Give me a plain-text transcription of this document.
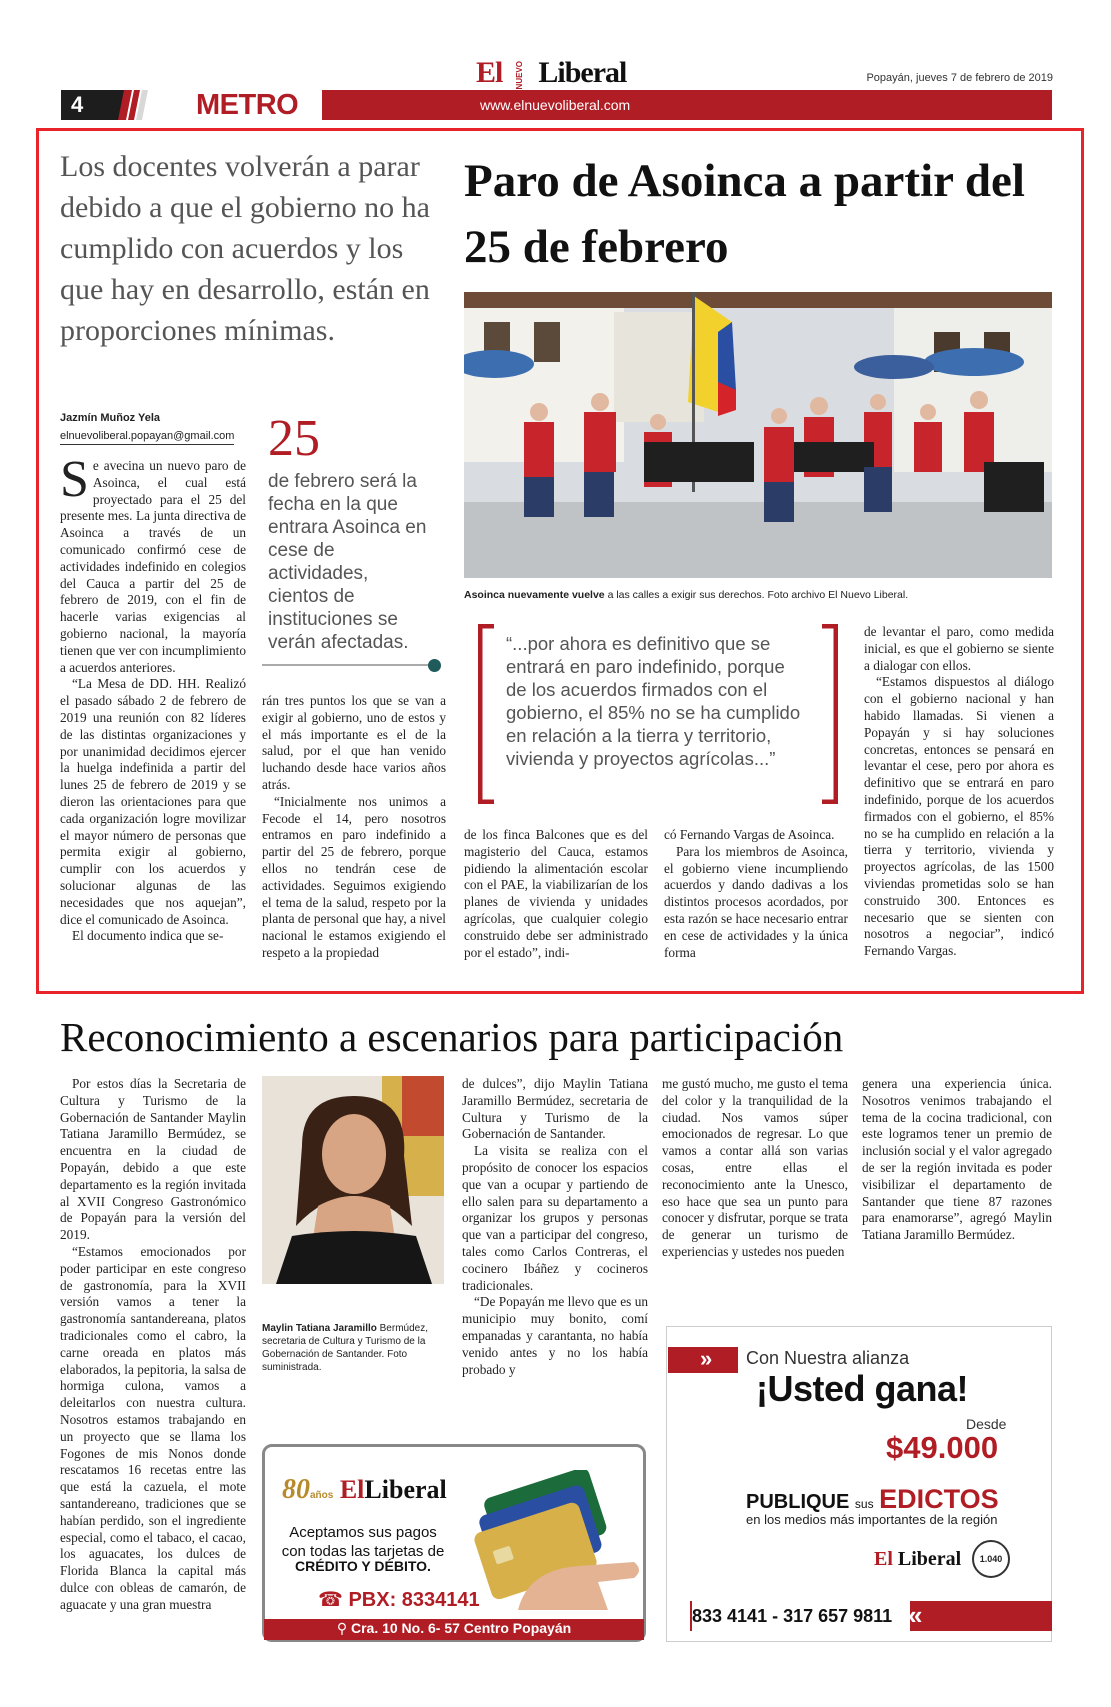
4	METRO	www.elnuevoliberal.com
El NUEVO Liberal	Popayán, jueves 7 de febrero de 2019
Los docentes volverán a parar debido a que el gobierno no ha cumplido con acuerdos y los que hay en desarrollo, están en proporciones mínimas.
Paro de Asoinca a partir del 25 de febrero
Asoinca nuevamente vuelve a las calles a exigir sus derechos. Foto archivo El Nuevo Liberal.
Jazmín Muñoz Yela
elnuevoliberal.popayan@gmail.com

Se avecina un nuevo paro de Asoinca, el cual está proyectado para el 25 del presente mes. La junta directiva de Asoinca a través de un comunicado confirmó cese de actividades indefinido en colegios del Cauca a partir del 25 de febrero de 2019, con el fin de hacerle varias exigencias al gobierno nacional, la mayoría tienen que ver con incumplimiento a acuerdos anteriores.

“La Mesa de DD. HH. Realizó el pasado sábado 2 de febrero de 2019 una reunión con 82 líderes de las distintas organizaciones y por unanimidad decidimos ejercer la huelga indefinida a partir del lunes 25 de febrero de 2019 y se dieron las orientaciones para que cada organización logre movilizar el mayor número de personas que permita exigir al gobierno, cumplir con los acuerdos y solucionar algunas de las necesidades que nos aquejan”, dice el comunicado de Asoinca.

El documento indica que se-

25
de febrero será la fecha en la que entrara Asoinca en cese de actividades, cientos de instituciones se verán afectadas.

rán tres puntos los que se van a exigir al gobierno, uno de estos y el más importante es el de la salud, por el que han venido luchando desde hace varios años atrás.

“Inicialmente nos unimos a Fecode el 14, pero nosotros entramos en paro indefinido a partir del 25 de febrero, porque ellos no tendrán cese de actividades. Seguimos exigiendo el tema de la salud, respeto por la planta de personal que hay, a nivel nacional le estamos exigiendo el respeto a la propiedad

“...por ahora es definitivo que se entrará en paro indefinido, porque de los acuerdos firmados con el gobierno, el 85% no se ha cumplido en relación a la tierra y territorio, vivienda y proyectos agrícolas...”

de los finca Balcones que es del magisterio del Cauca, estamos pidiendo la alimentación escolar con el PAE, la viabilizarían de los planes de vivienda y unidades agrícolas, que cualquier colegio construido debe ser administrado por el estado”, indi-

có Fernando Vargas de Asoinca.

Para los miembros de Asoinca, el gobierno viene incumpliendo acuerdos y dando dadivas a los distintos procesos acordados, por esta razón se hace necesario entrar en cese de actividades y la única forma

de levantar el paro, como medida inicial, es que el gobierno se siente a dialogar con ellos.

“Estamos dispuestos al diálogo con el gobierno nacional y han habido llamadas. Si vienen a Popayán y si hay soluciones concretas, entonces se pensará en levantar el cese, pero por ahora es definitivo que se entrará en paro indefinido, porque de los acuerdos firmados con el gobierno, el 85% no se ha cumplido en relación a la tierra y territorio, vivienda y proyectos agrícolas, de las 1500 viviendas prometidas solo se han construido 300. Entonces es necesario que se sienten con nosotros a negociar”, indicó Fernando Vargas.

Reconocimiento a escenarios para participación

Por estos días la Secretaria de Cultura y Turismo de la Gobernación de Santander Maylin Tatiana Jaramillo Bermúdez, se encuentra en la ciudad de Popayán, debido a que este departamento es la región invitada al XVII Congreso Gastronómico de Popayán para la versión del 2019.

“Estamos emocionados por poder participar en este congreso de gastronomía, para la XVII versión vamos a tener la gastronomía santandereana, platos tradicionales como el cabro, la carne oreada en platos más elaborados, la pepitoria, la salsa de hormiga culona, vamos a deleitarlos con nuestra cultura. Nosotros estamos trabajando en un proyecto que se llama los Fogones de mis Nonos donde rescatamos 16 recetas entre las que está la cazuela, el mote santandereano, tradiciones que se habían perdido, son el ingrediente especial, como el tabaco, el cacao, los aguacates, los dulces de Florida Blanca la capital más dulce con obleas de camarón, de aguacate y una gran muestra

Maylin Tatiana Jaramillo Bermúdez, secretaria de Cultura y Turismo de la Gobernación de Santander. Foto suministrada.

de dulces”, dijo Maylin Tatiana Jaramillo Bermúdez, secretaria de Cultura y Turismo de la Gobernación de Santander.

La visita se realiza con el propósito de conocer los espacios que van a ocupar y partiendo de ello salen para su departamento a organizar los grupos y personas que van a participar del congreso, tales como Carlos Contreras, el cocinero Ibáñez y cocineros tradicionales.

“De Popayán me llevo que es un municipio muy bonito, comí empanadas y carantanta, no había venido antes y no los había probado y

me gustó mucho, me gusto el tema del color y la tranquilidad de la ciudad. Nos vamos súper emocionados de regresar. Lo que vamos a contar allá son varias cosas, entre ellas el reconocimiento ante la Unesco, eso hace que sea un punto para conocer y disfrutar, porque se trata de generar un turismo de experiencias y ustedes nos pueden

genera una experiencia única. Nosotros venimos trabajando el tema de la cocina tradicional, con este logramos tener un premio de inclusión social y el valor agregado de ser la región invitada es poder visibilizar el departamento de Santander que tiene 87 razones para enamorarse”, agregó Maylin Tatiana Jaramillo Bermúdez.

80años ElLiberal
Aceptamos sus pagos con todas las tarjetas de
CRÉDITO Y DÉBITO.
☎ PBX: 8334141
⚲ Cra. 10 No. 6- 57 Centro Popayán
» Con Nuestra alianza
¡Usted gana!
Desde
$49.000
PUBLIQUE sus EDICTOS
en los medios más importantes de la región
El Liberal	1.040
833 4141 - 317 657 9811 «
